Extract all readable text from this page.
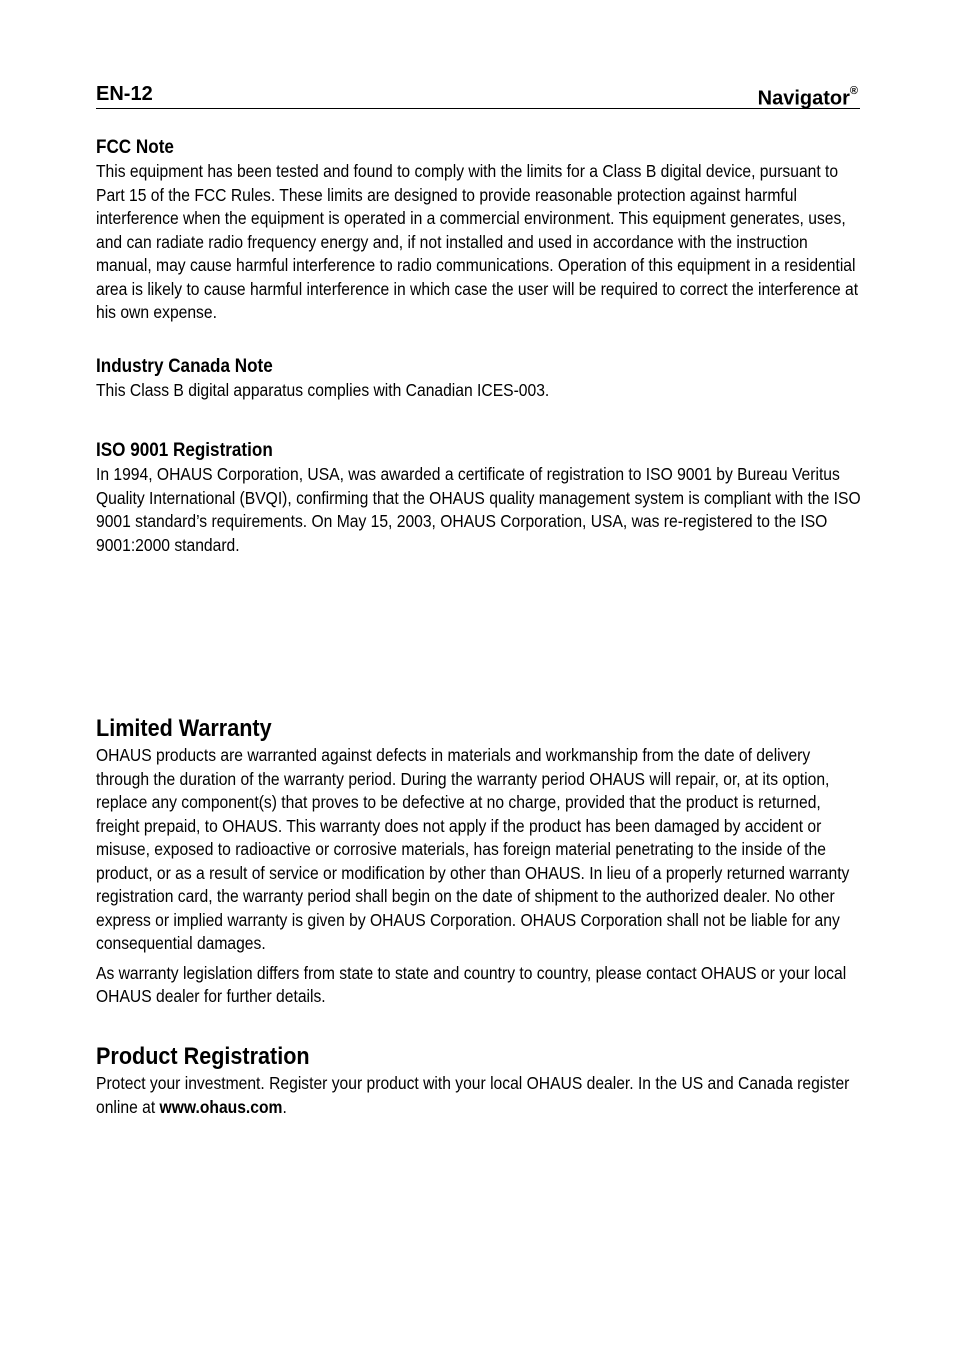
EN-12	Navigator®
FCC Note

This equipment has been tested and found to comply with the limits for a Class B digital device, pursuant to Part 15 of the FCC Rules. These limits are designed to provide reasonable protection against harmful interference when the equipment is operated in a commercial environment. This equipment generates, uses, and can radiate radio frequency energy and, if not installed and used in accordance with the instruction manual, may cause harmful interference to radio communications. Operation of this equipment in a residential area is likely to cause harmful interference in which case the user will be required to correct the interference at his own expense.

Industry Canada Note

This Class B digital apparatus complies with Canadian ICES-003.

ISO 9001 Registration

In 1994, OHAUS Corporation, USA, was awarded a certificate of registration to ISO 9001 by Bureau Veritus Quality International (BVQI), confirming that the OHAUS quality management system is compliant with the ISO 9001 standard’s requirements. On May 15, 2003, OHAUS Corporation, USA, was re-registered to the ISO 9001:2000 standard.

Limited Warranty

OHAUS products are warranted against defects in materials and workmanship from the date of delivery through the duration of the warranty period. During the warranty period OHAUS will repair, or, at its option, replace any component(s) that proves to be defective at no charge, provided that the product is returned, freight prepaid, to OHAUS. This warranty does not apply if the product has been damaged by accident or misuse, exposed to radioactive or corrosive materials, has foreign material penetrating to the inside of the product, or as a result of service or modification by other than OHAUS. In lieu of a properly returned warranty registration card, the warranty period shall begin on the date of shipment to the authorized dealer. No other express or implied warranty is given by OHAUS Corporation. OHAUS Corporation shall not be liable for any consequential damages.

As warranty legislation differs from state to state and country to country, please contact OHAUS or your local OHAUS dealer for further details.

Product Registration

Protect your investment. Register your product with your local OHAUS dealer. In the US and Canada register online at www.ohaus.com.
